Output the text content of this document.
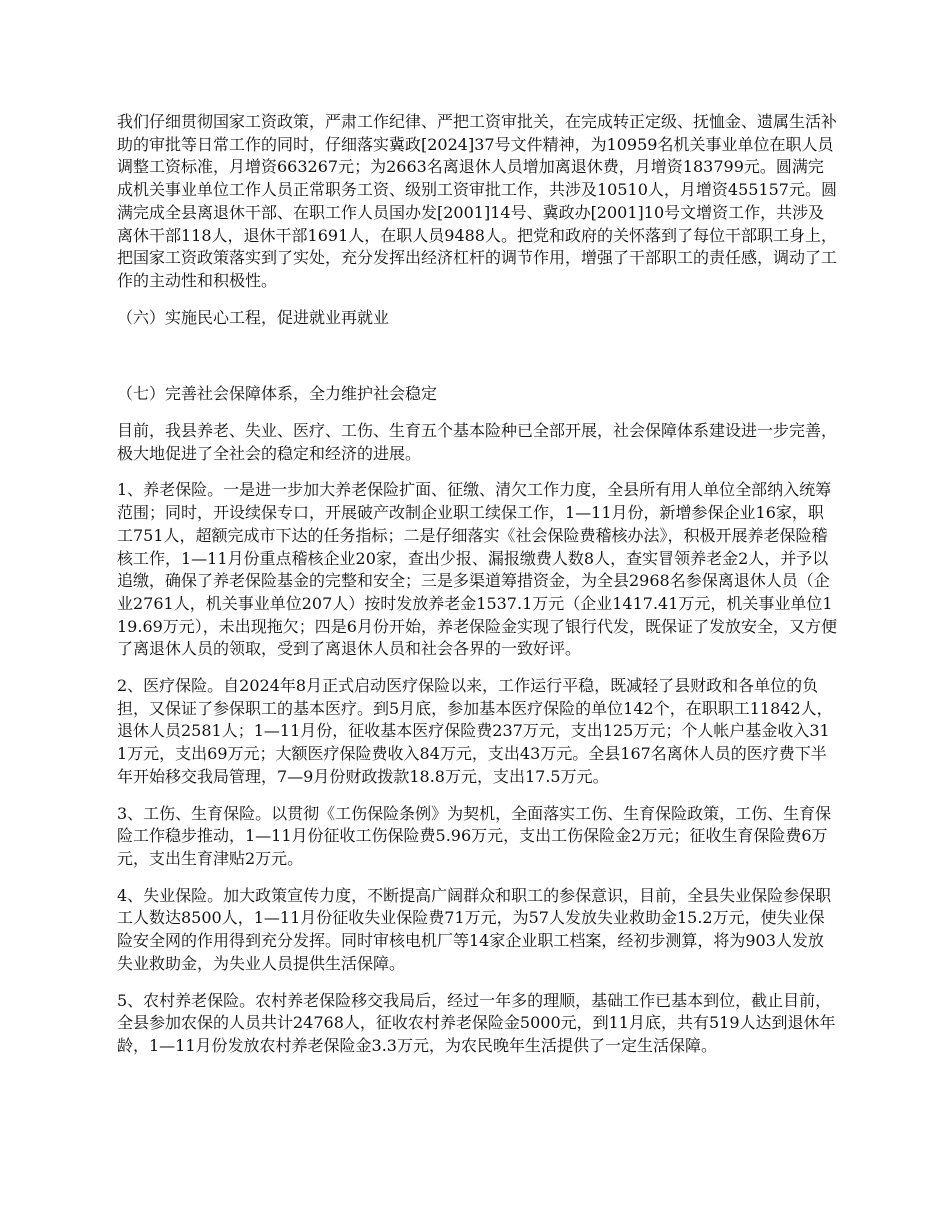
我们仔细贯彻国家工资政策，严肃工作纪律、严把工资审批关，在完成转正定级、抚恤金、遗属生活补助的审批等日常工作的同时，仔细落实冀政[2024]37号文件精神，为10959名机关事业单位在职人员调整工资标准，月增资663267元；为2663名离退休人员增加离退休费，月增资183799元。圆满完成机关事业单位工作人员正常职务工资、级别工资审批工作，共涉及10510人，月增资455157元。圆满完成全县离退休干部、在职工作人员国办发[2001]14号、冀政办[2001]10号文增资工作，共涉及离休干部118人，退休干部1691人，在职人员9488人。把党和政府的关怀落到了每位干部职工身上，把国家工资政策落实到了实处，充分发挥出经济杠杆的调节作用，增强了干部职工的责任感，调动了工作的主动性和积极性。

（六）实施民心工程，促进就业再就业

（七）完善社会保障体系，全力维护社会稳定

目前，我县养老、失业、医疗、工伤、生育五个基本险种已全部开展，社会保障体系建设进一步完善，极大地促进了全社会的稳定和经济的进展。

1、养老保险。一是进一步加大养老保险扩面、征缴、清欠工作力度，全县所有用人单位全部纳入统筹范围；同时，开设续保专口，开展破产改制企业职工续保工作，1—11月份，新增参保企业16家，职工751人，超额完成市下达的任务指标；二是仔细落实《社会保险费稽核办法》，积极开展养老保险稽核工作，1—11月份重点稽核企业20家，查出少报、漏报缴费人数8人，查实冒领养老金2人，并予以追缴，确保了养老保险基金的完整和安全；三是多渠道筹措资金，为全县2968名参保离退休人员（企业2761人，机关事业单位207人）按时发放养老金1537.1万元（企业1417.41万元，机关事业单位119.69万元），未出现拖欠；四是6月份开始，养老保险金实现了银行代发，既保证了发放安全，又方便了离退休人员的领取，受到了离退休人员和社会各界的一致好评。

2、医疗保险。自2024年8月正式启动医疗保险以来，工作运行平稳，既减轻了县财政和各单位的负担，又保证了参保职工的基本医疗。到5月底，参加基本医疗保险的单位142个，在职职工11842人，退休人员2581人；1—11月份，征收基本医疗保险费237万元，支出125万元；个人帐户基金收入311万元，支出69万元；大额医疗保险费收入84万元，支出43万元。全县167名离休人员的医疗费下半年开始移交我局管理，7—9月份财政拨款18.8万元，支出17.5万元。

3、工伤、生育保险。以贯彻《工伤保险条例》为契机，全面落实工伤、生育保险政策，工伤、生育保险工作稳步推动，1—11月份征收工伤保险费5.96万元，支出工伤保险金2万元；征收生育保险费6万元，支出生育津贴2万元。

4、失业保险。加大政策宣传力度，不断提高广阔群众和职工的参保意识，目前，全县失业保险参保职工人数达8500人，1—11月份征收失业保险费71万元，为57人发放失业救助金15.2万元，使失业保险安全网的作用得到充分发挥。同时审核电机厂等14家企业职工档案，经初步测算，将为903人发放失业救助金，为失业人员提供生活保障。

5、农村养老保险。农村养老保险移交我局后，经过一年多的理顺，基础工作已基本到位，截止目前，全县参加农保的人员共计24768人，征收农村养老保险金5000元，到11月底，共有519人达到退休年龄，1—11月份发放农村养老保险金3.3万元，为农民晚年生活提供了一定生活保障。
